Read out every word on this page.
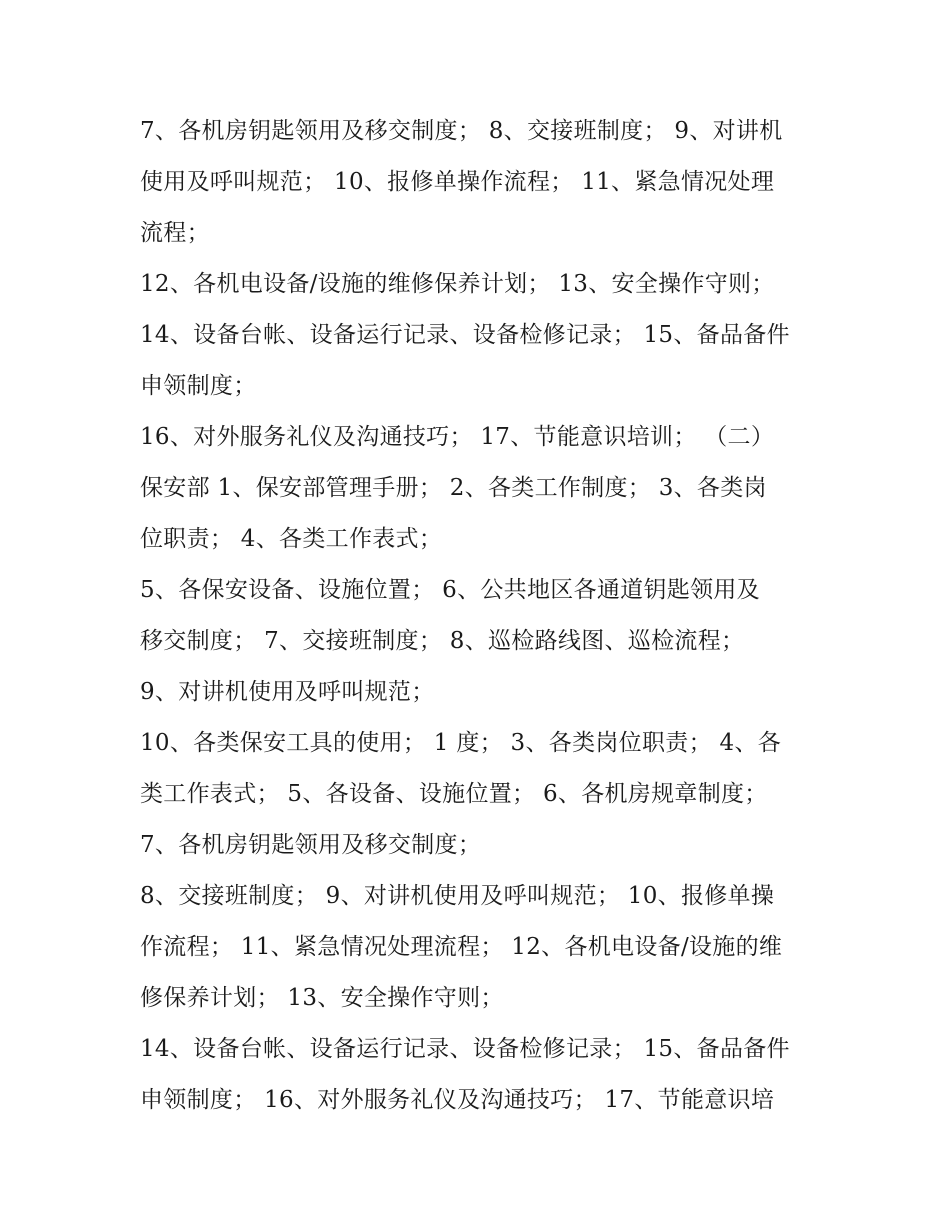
7、各机房钥匙领用及移交制度； 8、交接班制度； 9、对讲机
使用及呼叫规范； 10、报修单操作流程； 11、紧急情况处理
流程；
12、各机电设备/设施的维修保养计划； 13、安全操作守则；
14、设备台帐、设备运行记录、设备检修记录； 15、备品备件
申领制度；
16、对外服务礼仪及沟通技巧； 17、节能意识培训； （二）
保安部 1、保安部管理手册； 2、各类工作制度； 3、各类岗
位职责； 4、各类工作表式；
5、各保安设备、设施位置； 6、公共地区各通道钥匙领用及
移交制度； 7、交接班制度； 8、巡检路线图、巡检流程；
9、对讲机使用及呼叫规范；
10、各类保安工具的使用； 1 度； 3、各类岗位职责； 4、各
类工作表式； 5、各设备、设施位置； 6、各机房规章制度；
7、各机房钥匙领用及移交制度；
8、交接班制度； 9、对讲机使用及呼叫规范； 10、报修单操
作流程； 11、紧急情况处理流程； 12、各机电设备/设施的维
修保养计划； 13、安全操作守则；
14、设备台帐、设备运行记录、设备检修记录； 15、备品备件
申领制度； 16、对外服务礼仪及沟通技巧； 17、节能意识培
